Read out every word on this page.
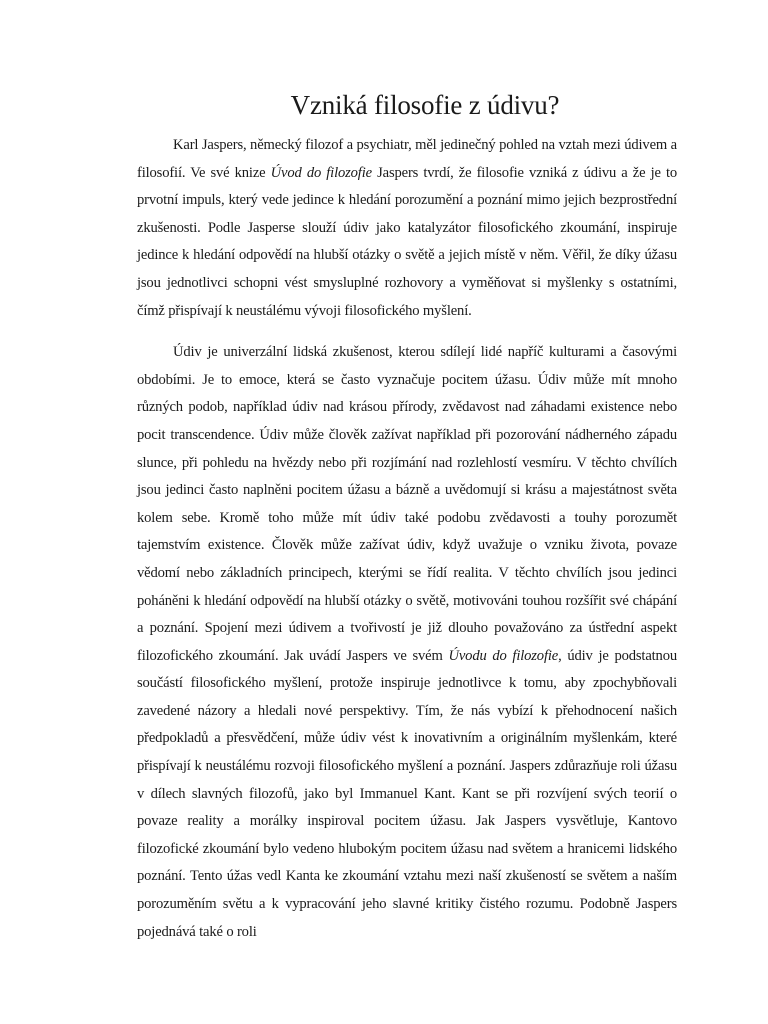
Vzniká filosofie z údivu?

Karl Jaspers, německý filozof a psychiatr, měl jedinečný pohled na vztah mezi údivem a filosofií. Ve své knize Úvod do filozofie Jaspers tvrdí, že filosofie vzniká z údivu a že je to prvotní impuls, který vede jedince k hledání porozumění a poznání mimo jejich bezprostřední zkušenosti. Podle Jasperse slouží údiv jako katalyzátor filosofického zkoumání, inspiruje jedince k hledání odpovědí na hlubší otázky o světě a jejich místě v něm. Věřil, že díky úžasu jsou jednotlivci schopni vést smysluplné rozhovory a vyměňovat si myšlenky s ostatními, čímž přispívají k neustálému vývoji filosofického myšlení.

Údiv je univerzální lidská zkušenost, kterou sdílejí lidé napříč kulturami a časovými obdobími. Je to emoce, která se často vyznačuje pocitem úžasu. Údiv může mít mnoho různých podob, například údiv nad krásou přírody, zvědavost nad záhadami existence nebo pocit transcendence. Údiv může člověk zažívat například při pozorování nádherného západu slunce, při pohledu na hvězdy nebo při rozjímání nad rozlehlostí vesmíru. V těchto chvílích jsou jedinci často naplněni pocitem úžasu a bázně a uvědomují si krásu a majestátnost světa kolem sebe. Kromě toho může mít údiv také podobu zvědavosti a touhy porozumět tajemstvím existence. Člověk může zažívat údiv, když uvažuje o vzniku života, povaze vědomí nebo základních principech, kterými se řídí realita. V těchto chvílích jsou jedinci poháněni k hledání odpovědí na hlubší otázky o světě, motivováni touhou rozšířit své chápání a poznání. Spojení mezi údivem a tvořivostí je již dlouho považováno za ústřední aspekt filozofického zkoumání. Jak uvádí Jaspers ve svém Úvodu do filozofie, údiv je podstatnou součástí filosofického myšlení, protože inspiruje jednotlivce k tomu, aby zpochybňovali zavedené názory a hledali nové perspektivy. Tím, že nás vybízí k přehodnocení našich předpokladů a přesvědčení, může údiv vést k inovativním a originálním myšlenkám, které přispívají k neustálému rozvoji filosofického myšlení a poznání. Jaspers zdůrazňuje roli úžasu v dílech slavných filozofů, jako byl Immanuel Kant. Kant se při rozvíjení svých teorií o povaze reality a morálky inspiroval pocitem úžasu. Jak Jaspers vysvětluje, Kantovo filozofické zkoumání bylo vedeno hlubokým pocitem úžasu nad světem a hranicemi lidského poznání. Tento úžas vedl Kanta ke zkoumání vztahu mezi naší zkušeností se světem a naším porozuměním světu a k vypracování jeho slavné kritiky čistého rozumu. Podobně Jaspers pojednává také o roli
